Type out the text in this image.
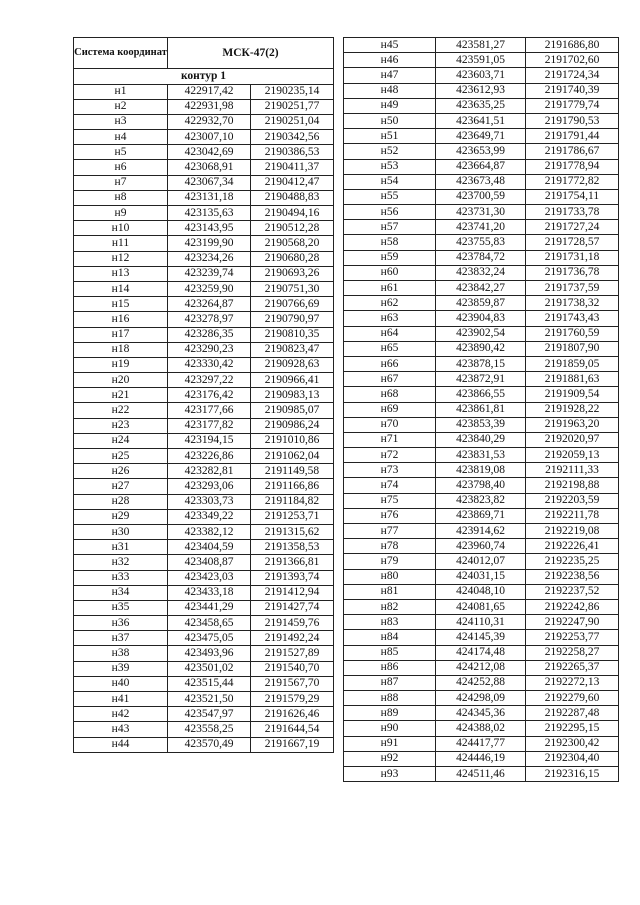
Система координат	МСК-47(2)	
контур 1		
н1	422917,42	2190235,14
н2	422931,98	2190251,77
н3	422932,70	2190251,04
н4	423007,10	2190342,56
н5	423042,69	2190386,53
н6	423068,91	2190411,37
н7	423067,34	2190412,47
н8	423131,18	2190488,83
н9	423135,63	2190494,16
н10	423143,95	2190512,28
н11	423199,90	2190568,20
н12	423234,26	2190680,28
н13	423239,74	2190693,26
н14	423259,90	2190751,30
н15	423264,87	2190766,69
н16	423278,97	2190790,97
н17	423286,35	2190810,35
н18	423290,23	2190823,47
н19	423330,42	2190928,63
н20	423297,22	2190966,41
н21	423176,42	2190983,13
н22	423177,66	2190985,07
н23	423177,82	2190986,24
н24	423194,15	2191010,86
н25	423226,86	2191062,04
н26	423282,81	2191149,58
н27	423293,06	2191166,86
н28	423303,73	2191184,82
н29	423349,22	2191253,71
н30	423382,12	2191315,62
н31	423404,59	2191358,53
н32	423408,87	2191366,81
н33	423423,03	2191393,74
н34	423433,18	2191412,94
н35	423441,29	2191427,74
н36	423458,65	2191459,76
н37	423475,05	2191492,24
н38	423493,96	2191527,89
н39	423501,02	2191540,70
н40	423515,44	2191567,70
н41	423521,50	2191579,29
н42	423547,97	2191626,46
н43	423558,25	2191644,54
н44	423570,49	2191667,19
н45	423581,27	2191686,80
н46	423591,05	2191702,60
н47	423603,71	2191724,34
н48	423612,93	2191740,39
н49	423635,25	2191779,74
н50	423641,51	2191790,53
н51	423649,71	2191791,44
н52	423653,99	2191786,67
н53	423664,87	2191778,94
н54	423673,48	2191772,82
н55	423700,59	2191754,11
н56	423731,30	2191733,78
н57	423741,20	2191727,24
н58	423755,83	2191728,57
н59	423784,72	2191731,18
н60	423832,24	2191736,78
н61	423842,27	2191737,59
н62	423859,87	2191738,32
н63	423904,83	2191743,43
н64	423902,54	2191760,59
н65	423890,42	2191807,90
н66	423878,15	2191859,05
н67	423872,91	2191881,63
н68	423866,55	2191909,54
н69	423861,81	2191928,22
н70	423853,39	2191963,20
н71	423840,29	2192020,97
н72	423831,53	2192059,13
н73	423819,08	2192111,33
н74	423798,40	2192198,88
н75	423823,82	2192203,59
н76	423869,71	2192211,78
н77	423914,62	2192219,08
н78	423960,74	2192226,41
н79	424012,07	2192235,25
н80	424031,15	2192238,56
н81	424048,10	2192237,52
н82	424081,65	2192242,86
н83	424110,31	2192247,90
н84	424145,39	2192253,77
н85	424174,48	2192258,27
н86	424212,08	2192265,37
н87	424252,88	2192272,13
н88	424298,09	2192279,60
н89	424345,36	2192287,48
н90	424388,02	2192295,15
н91	424417,77	2192300,42
н92	424446,19	2192304,40
н93	424511,46	2192316,15
